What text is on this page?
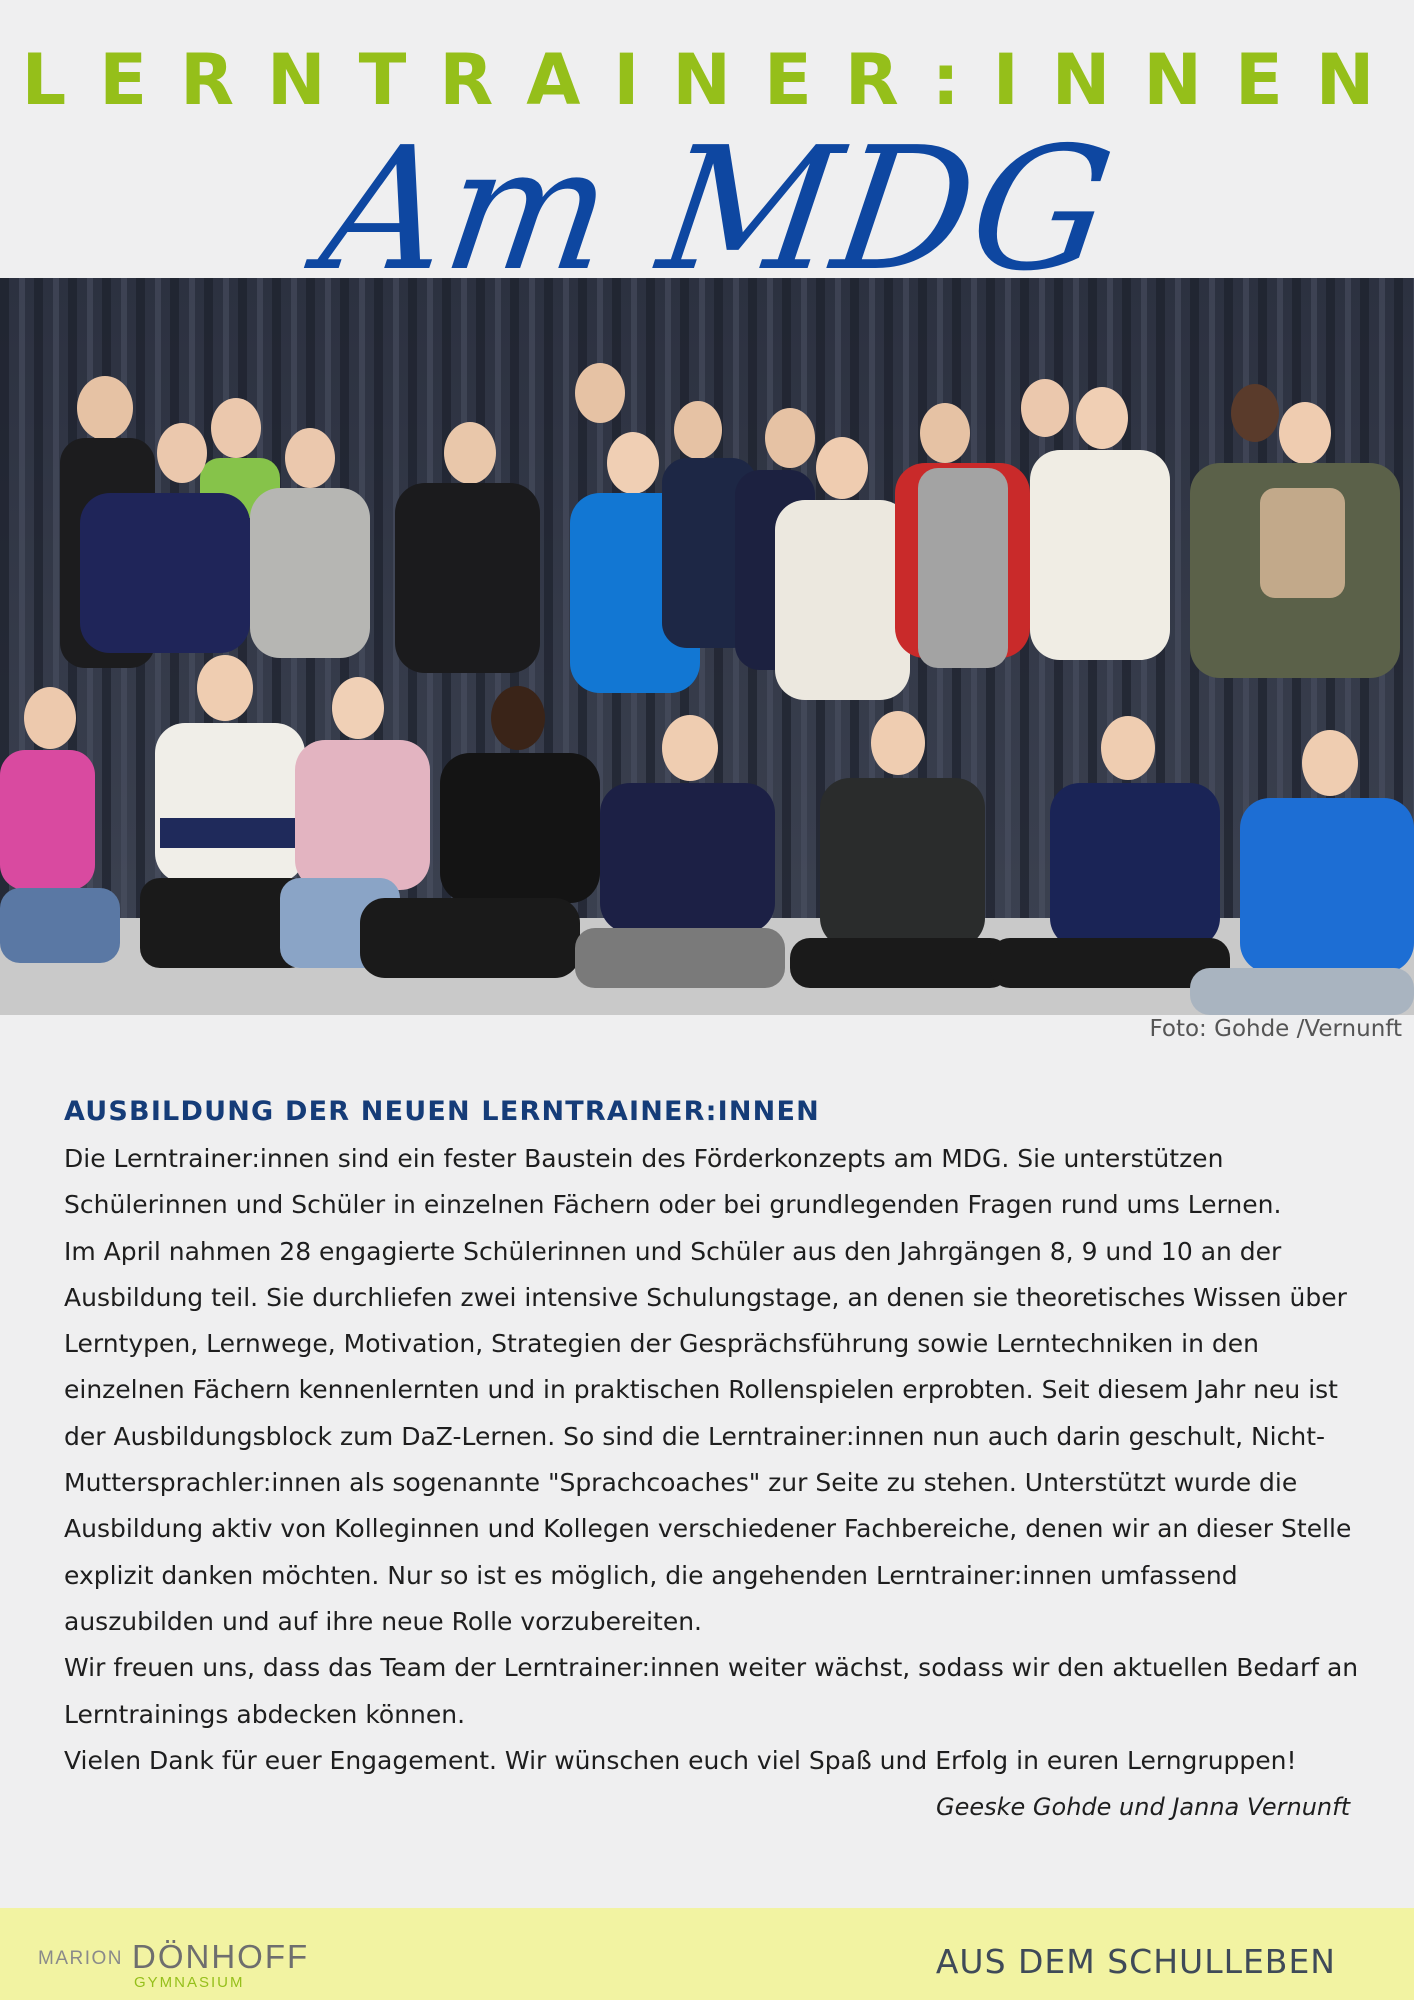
LERNTRAINER:INNEN
Am MDG
Foto: Gohde /Vernunft
AUSBILDUNG DER NEUEN LERNTRAINER:INNEN

Die Lerntrainer:innen sind ein fester Baustein des Förderkonzepts am MDG. Sie unterstützen Schülerinnen und Schüler in einzelnen Fächern oder bei grundlegenden Fragen rund ums Lernen.

Im April nahmen 28 engagierte Schülerinnen und Schüler aus den Jahrgängen 8, 9 und 10 an der Ausbildung teil. Sie durchliefen zwei intensive Schulungstage, an denen sie theoretisches Wissen über Lerntypen, Lernwege, Motivation, Strategien der Gesprächsführung sowie Lerntechniken in den einzelnen Fächern kennenlernten und in praktischen Rollenspielen erprobten. Seit diesem Jahr neu ist der Ausbildungsblock zum DaZ-Lernen. So sind die Lerntrainer:innen nun auch darin geschult, Nicht-Muttersprachler:innen als sogenannte "Sprachcoaches" zur Seite zu stehen. Unterstützt wurde die Ausbildung aktiv von Kolleginnen und Kollegen verschiedener Fachbereiche, denen wir an dieser Stelle explizit danken möchten. Nur so ist es möglich, die angehenden Lerntrainer:innen umfassend auszubilden und auf ihre neue Rolle vorzubereiten.

Wir freuen uns, dass das Team der Lerntrainer:innen weiter wächst, sodass wir den aktuellen Bedarf an Lerntrainings abdecken können.

Vielen Dank für euer Engagement. Wir wünschen euch viel Spaß und Erfolg in euren Lerngruppen!

Geeske Gohde und Janna Vernunft

MARION DÖNHOFF
GYMNASIUM
AUS DEM SCHULLEBEN
